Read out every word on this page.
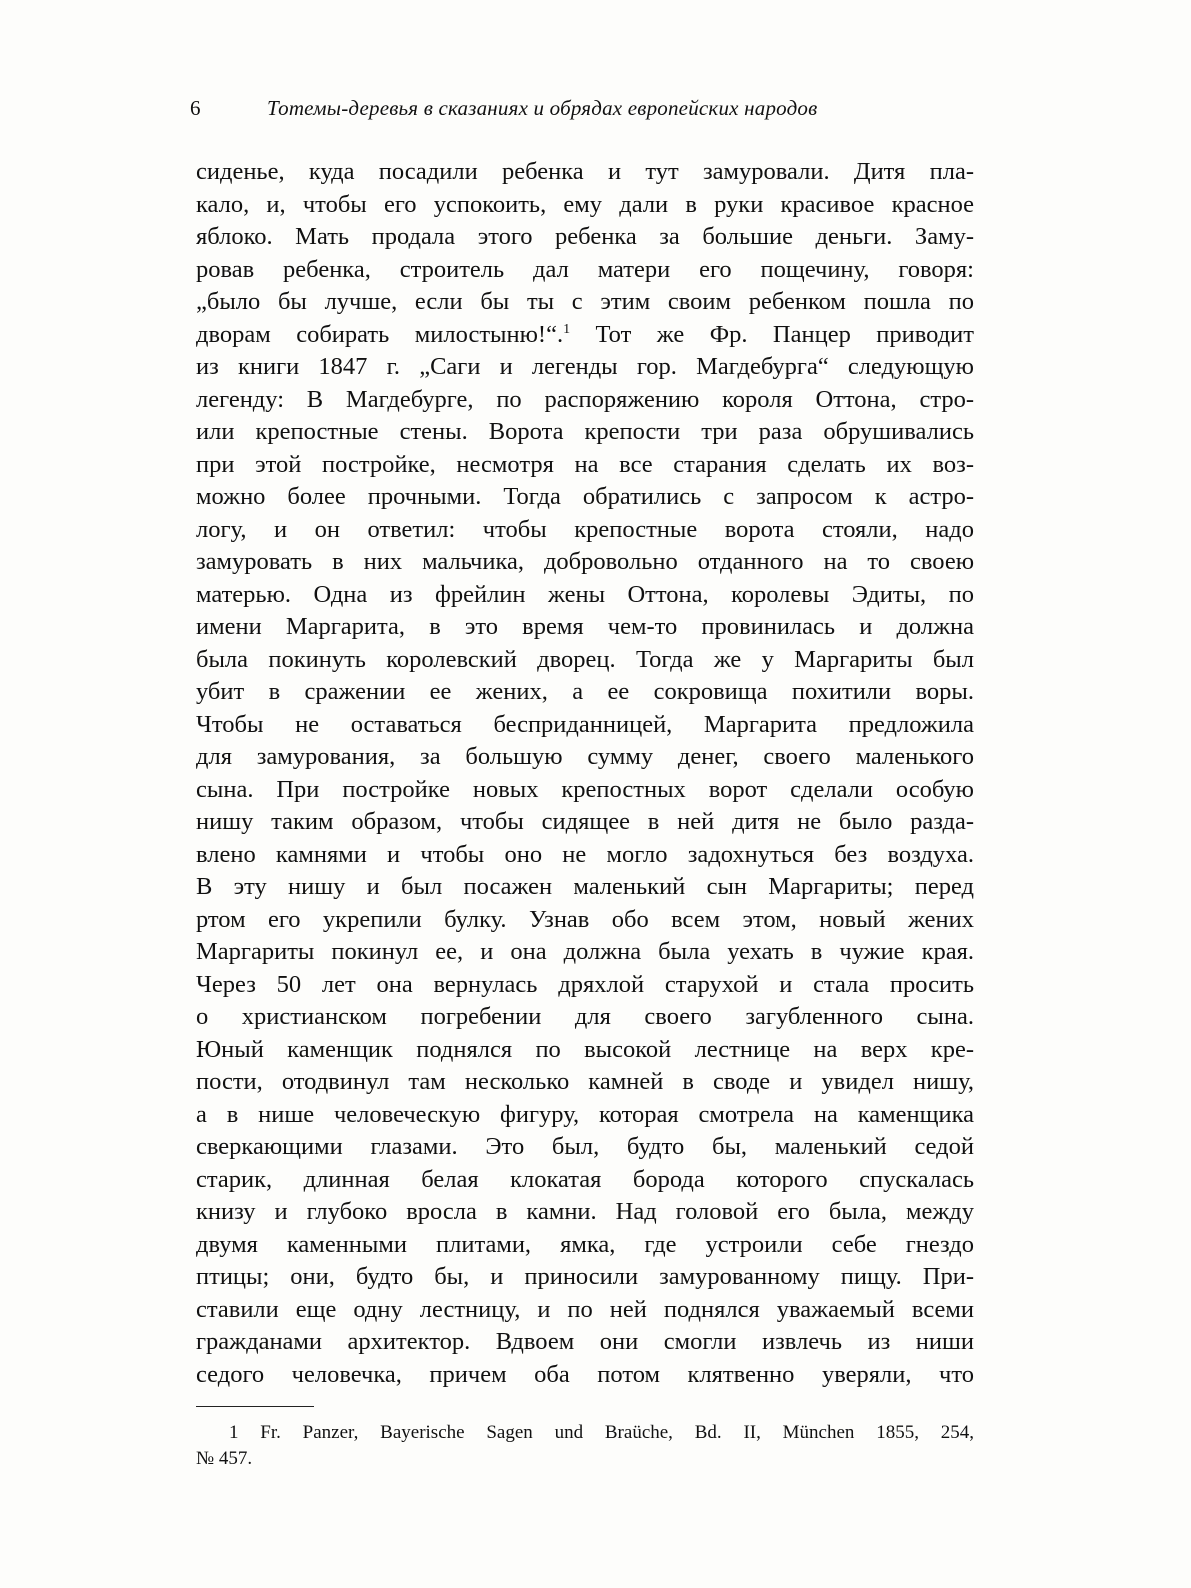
6	Тотемы-деревья в сказаниях и обрядах европейских народов
сиденье, куда посадили ребенка и тут замуровали. Дитя пла-
кало, и, чтобы его успокоить, ему дали в руки красивое красное
яблоко. Мать продала этого ребенка за большие деньги. Заму-
ровав ребенка, строитель дал матери его пощечину, говоря:
„было бы лучше, если бы ты с этим своим ребенком пошла по
дворам собирать милостыню!“.$^1$ Тот же Фр. Панцер приводит
из книги 1847 г. „Саги и легенды гор. Магдебурга“ следующую
легенду: В Магдебурге, по распоряжению короля Оттона, стро-
или крепостные стены. Ворота крепости три раза обрушивались
при этой постройке, несмотря на все старания сделать их воз-
можно более прочными. Тогда обратились с запросом к астро-
логу, и он ответил: чтобы крепостные ворота стояли, надо
замуровать в них мальчика, добровольно отданного на то своею
матерью. Одна из фрейлин жены Оттона, королевы Эдиты, по
имени Маргарита, в это время чем-то провинилась и должна
была покинуть королевский дворец. Тогда же у Маргариты был
убит в сражении ее жених, а ее сокровища похитили воры.
Чтобы не оставаться бесприданницей, Маргарита предложила
для замурования, за большую сумму денег, своего маленького
сына. При постройке новых крепостных ворот сделали особую
нишу таким образом, чтобы сидящее в ней дитя не было разда-
влено камнями и чтобы оно не могло задохнуться без воздуха.
В эту нишу и был посажен маленький сын Маргариты; перед
ртом его укрепили булку. Узнав обо всем этом, новый жених
Маргариты покинул ее, и она должна была уехать в чужие края.
Через 50 лет она вернулась дряхлой старухой и стала просить
о христианском погребении для своего загубленного сына.
Юный каменщик поднялся по высокой лестнице на верх кре-
пости, отодвинул там несколько камней в своде и увидел нишу,
а в нише человеческую фигуру, которая смотрела на каменщика
сверкающими глазами. Это был, будто бы, маленький седой
старик, длинная белая клокатая борода которого спускалась
книзу и глубоко вросла в камни. Над головой его была, между
двумя каменными плитами, ямка, где устроили себе гнездо
птицы; они, будто бы, и приносили замурованному пищу. При-
ставили еще одну лестницу, и по ней поднялся уважаемый всеми
гражданами архитектор. Вдвоем они смогли извлечь из ниши
седого человечка, причем оба потом клятвенно уверяли, что
1 Fr. Panzer, Bayerische Sagen und Braüche, Bd. II, München 1855, 254,
№ 457.
